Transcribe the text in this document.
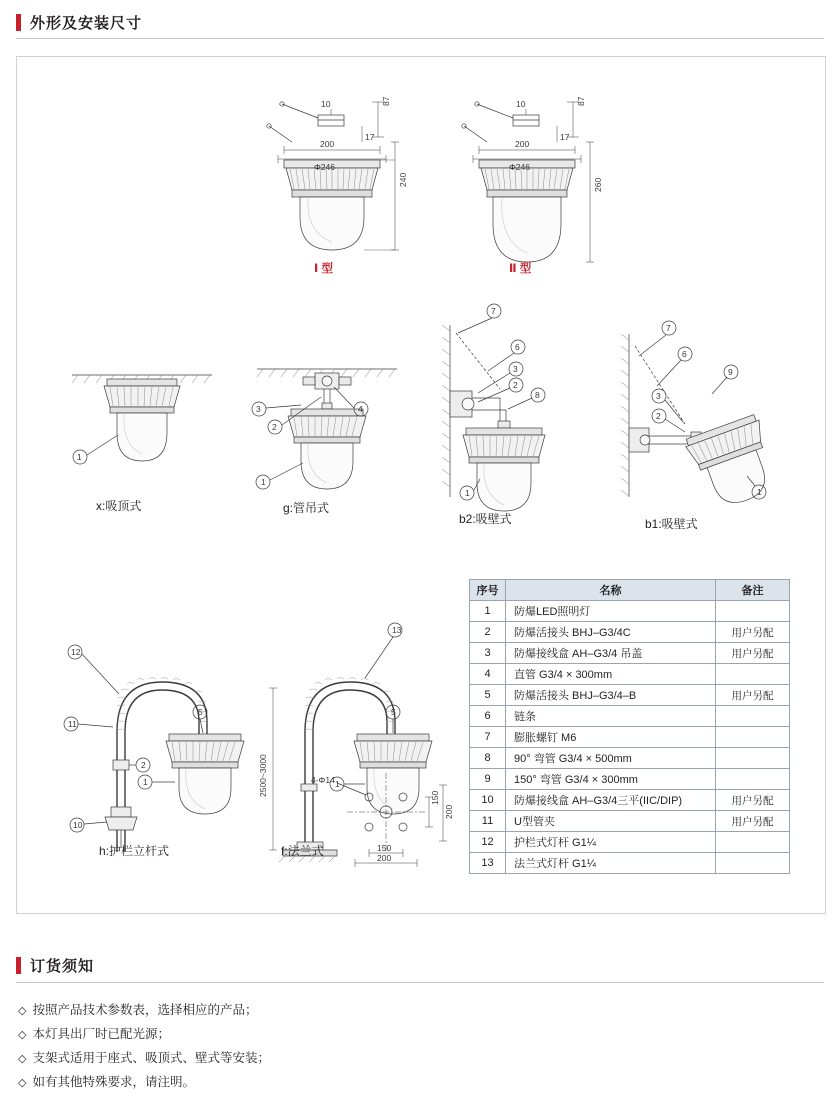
外形及安装尺寸
10	87
17
200
Φ246
240
Ⅰ 型
10	87
17
200
Φ246
260
Ⅱ 型
1
x:吸顶式
3
2
4
1
g:管吊式
7
6
3
2
8
1
b2:吸壁式
7
6
9
3
2
1
b1:吸壁式
12
11
10
5
1
2
h:护栏立杆式
13
5
1
2500~3000
f:法兰式
4-Φ14
150
200
150
200
序号	名称	备注
1	防爆LED照明灯	
2	防爆活接头 BHJ–G3/4C	用户另配
3	防爆接线盒 AH–G3/4 吊盖	用户另配
4	直管 G3/4 × 300mm	
5	防爆活接头 BHJ–G3/4–B	用户另配
6	链条	
7	膨胀螺钉 M6	
8	90° 弯管 G3/4 × 500mm	
9	150° 弯管 G3/4 × 300mm	
10	防爆接线盒 AH–G3/4三平(IIC/DIP)	用户另配
11	U型管夹	用户另配
12	护栏式灯杆 G1¼	
13	法兰式灯杆 G1¼	
订货须知
◇ 按照产品技术参数表，选择相应的产品；
◇ 本灯具出厂时已配光源；
◇ 支架式适用于座式、吸顶式、壁式等安装；
◇ 如有其他特殊要求，请注明。
